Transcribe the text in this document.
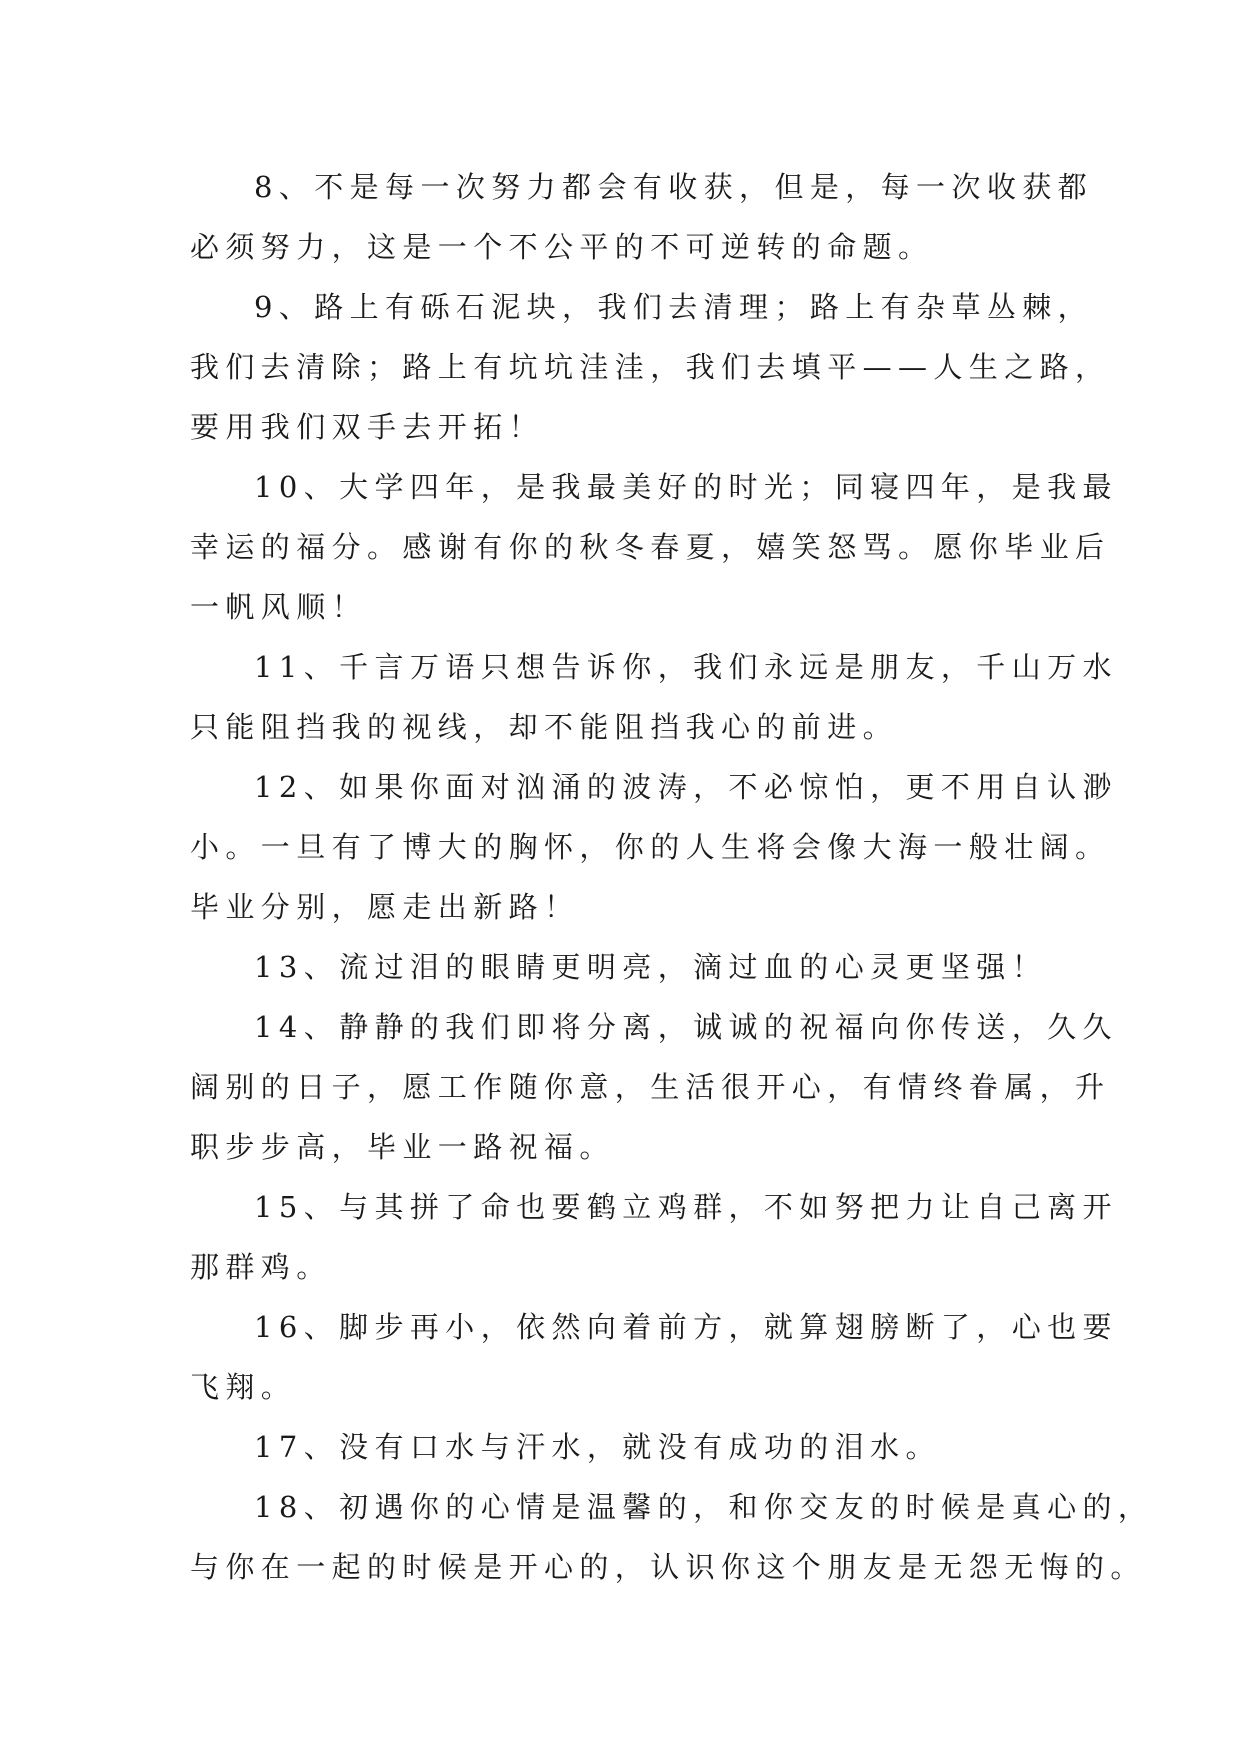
8、不是每一次努力都会有收获，但是，每一次收获都
必须努力，这是一个不公平的不可逆转的命题。
9、路上有砾石泥块，我们去清理；路上有杂草丛棘，
我们去清除；路上有坑坑洼洼，我们去填平——人生之路，
要用我们双手去开拓！
10、大学四年，是我最美好的时光；同寝四年，是我最
幸运的福分。感谢有你的秋冬春夏，嬉笑怒骂。愿你毕业后
一帆风顺！
11、千言万语只想告诉你，我们永远是朋友，千山万水
只能阻挡我的视线，却不能阻挡我心的前进。
12、如果你面对汹涌的波涛，不必惊怕，更不用自认渺
小。一旦有了博大的胸怀，你的人生将会像大海一般壮阔。
毕业分别，愿走出新路！
13、流过泪的眼睛更明亮，滴过血的心灵更坚强！
14、静静的我们即将分离，诚诚的祝福向你传送，久久
阔别的日子，愿工作随你意，生活很开心，有情终眷属，升
职步步高，毕业一路祝福。
15、与其拼了命也要鹤立鸡群，不如努把力让自己离开
那群鸡。
16、脚步再小，依然向着前方，就算翅膀断了，心也要
飞翔。
17、没有口水与汗水，就没有成功的泪水。
18、初遇你的心情是温馨的，和你交友的时候是真心的，
与你在一起的时候是开心的，认识你这个朋友是无怨无悔的。
